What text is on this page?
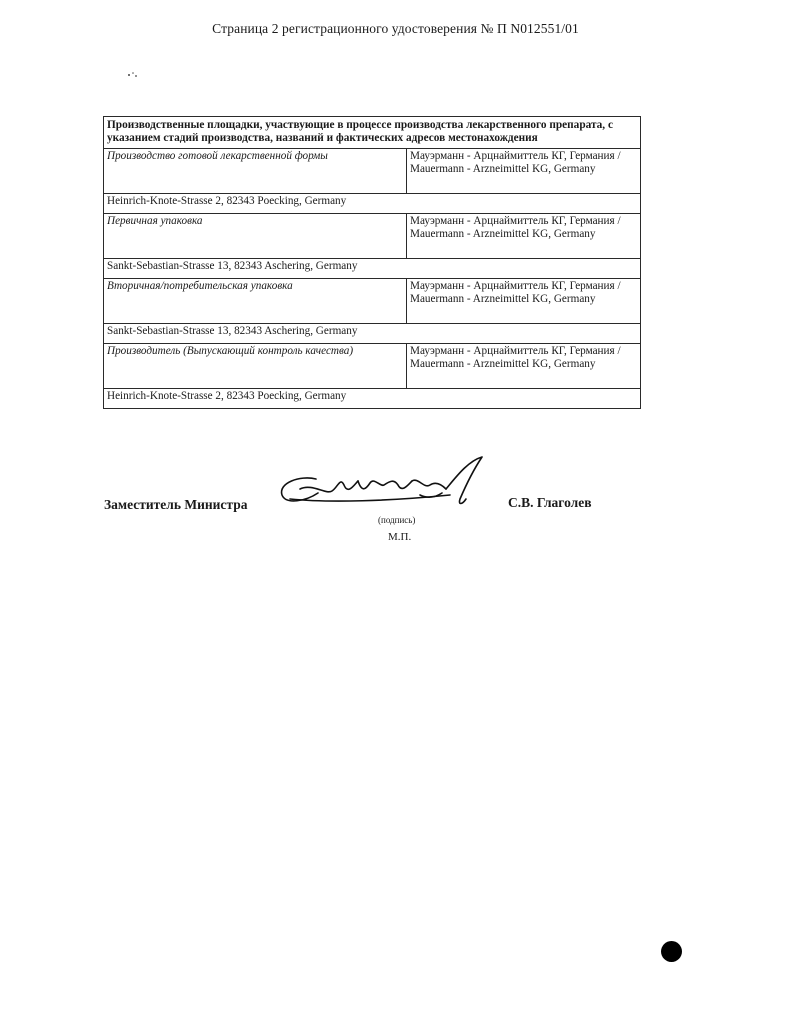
Страница 2 регистрационного удостоверения № П N012551/01
Производственные площадки, участвующие в процессе производства лекарственного препарата, с указанием стадий производства, названий и фактических адресов местонахождения	
Производство готовой лекарственной формы	Мауэрманн - Арцнаймиттель КГ, Германия / Mauermann - Arzneimittel KG, Germany
Heinrich-Knote-Strasse 2, 82343 Poecking, Germany	
Первичная упаковка	Мауэрманн - Арцнаймиттель КГ, Германия / Mauermann - Arzneimittel KG, Germany
Sankt-Sebastian-Strasse 13, 82343 Aschering, Germany	
Вторичная/потребительская упаковка	Мауэрманн - Арцнаймиттель КГ, Германия / Mauermann - Arzneimittel KG, Germany
Sankt-Sebastian-Strasse 13, 82343 Aschering, Germany	
Производитель (Выпускающий контроль качества)	Мауэрманн - Арцнаймиттель КГ, Германия / Mauermann - Arzneimittel KG, Germany
Heinrich-Knote-Strasse 2, 82343 Poecking, Germany	
Заместитель Министра	С.В. Глаголев
(подпись)
М.П.
